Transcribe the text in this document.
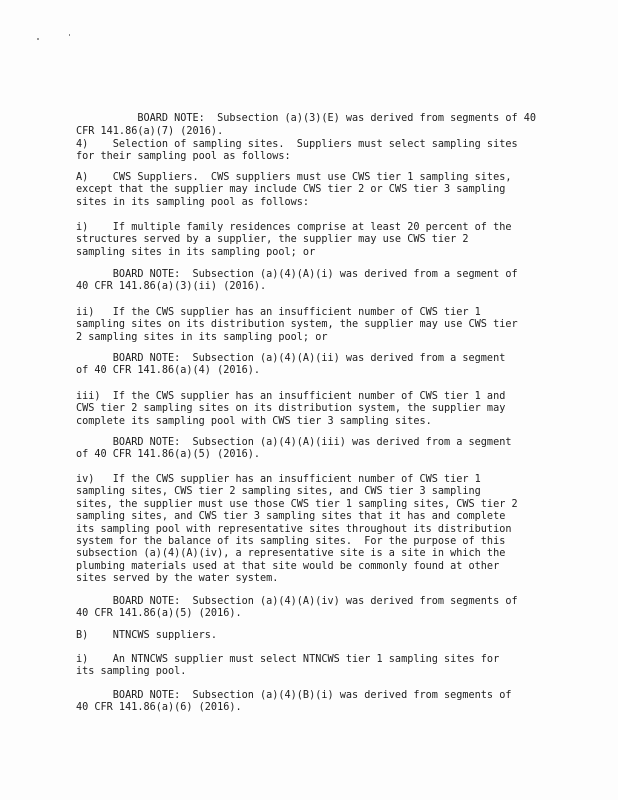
BOARD NOTE:  Subsection (a)(3)(E) was derived from segments of 40
CFR 141.86(a)(7) (2016).

4)    Selection of sampling sites.  Suppliers must select sampling sites
for their sampling pool as follows:

A)    CWS Suppliers.  CWS suppliers must use CWS tier 1 sampling sites,
except that the supplier may include CWS tier 2 or CWS tier 3 sampling
sites in its sampling pool as follows:

i)    If multiple family residences comprise at least 20 percent of the
structures served by a supplier, the supplier may use CWS tier 2
sampling sites in its sampling pool; or

BOARD NOTE:  Subsection (a)(4)(A)(i) was derived from a segment of
40 CFR 141.86(a)(3)(ii) (2016).

ii)   If the CWS supplier has an insufficient number of CWS tier 1
sampling sites on its distribution system, the supplier may use CWS tier
2 sampling sites in its sampling pool; or

BOARD NOTE:  Subsection (a)(4)(A)(ii) was derived from a segment
of 40 CFR 141.86(a)(4) (2016).

iii)  If the CWS supplier has an insufficient number of CWS tier 1 and
CWS tier 2 sampling sites on its distribution system, the supplier may
complete its sampling pool with CWS tier 3 sampling sites.

BOARD NOTE:  Subsection (a)(4)(A)(iii) was derived from a segment
of 40 CFR 141.86(a)(5) (2016).

iv)   If the CWS supplier has an insufficient number of CWS tier 1
sampling sites, CWS tier 2 sampling sites, and CWS tier 3 sampling
sites, the supplier must use those CWS tier 1 sampling sites, CWS tier 2
sampling sites, and CWS tier 3 sampling sites that it has and complete
its sampling pool with representative sites throughout its distribution
system for the balance of its sampling sites.  For the purpose of this
subsection (a)(4)(A)(iv), a representative site is a site in which the
plumbing materials used at that site would be commonly found at other
sites served by the water system.

BOARD NOTE:  Subsection (a)(4)(A)(iv) was derived from segments of
40 CFR 141.86(a)(5) (2016).

B)    NTNCWS suppliers.

i)    An NTNCWS supplier must select NTNCWS tier 1 sampling sites for
its sampling pool.

BOARD NOTE:  Subsection (a)(4)(B)(i) was derived from segments of
40 CFR 141.86(a)(6) (2016).
